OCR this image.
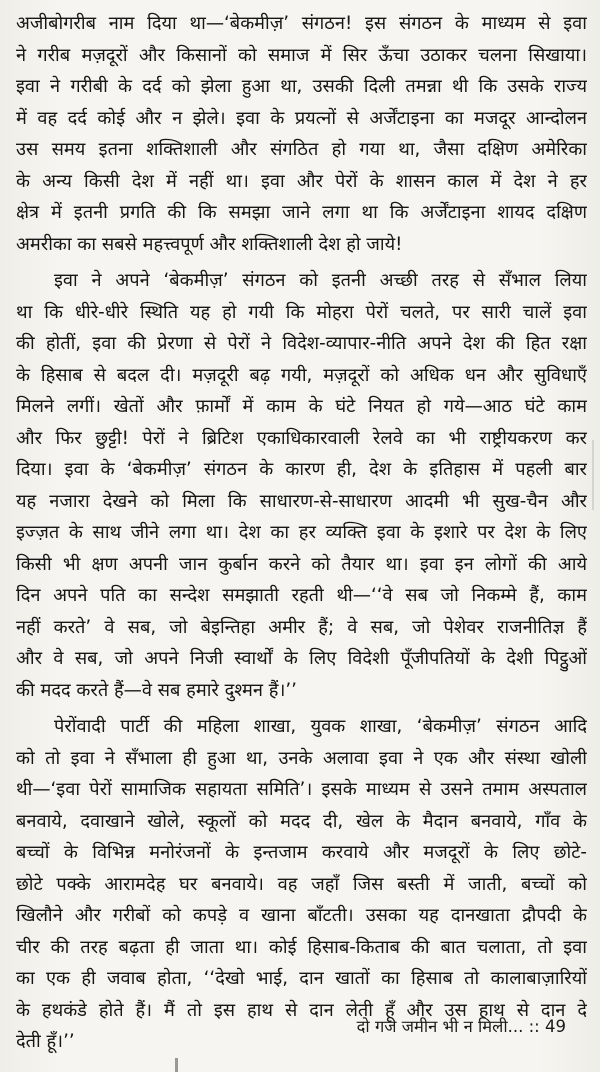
अजीबोगरीब नाम दिया था—‘बेकमीज़’ संगठन! इस संगठन के माध्यम से इवा
ने गरीब मज़दूरों और किसानों को समाज में सिर ऊँचा उठाकर चलना सिखाया।
इवा ने गरीबी के दर्द को झेला हुआ था, उसकी दिली तमन्ना थी कि उसके राज्य
में वह दर्द कोई और न झेले। इवा के प्रयत्नों से अर्जेंटाइना का मजदूर आन्दोलन
उस समय इतना शक्तिशाली और संगठित हो गया था, जैसा दक्षिण अमेरिका
के अन्य किसी देश में नहीं था। इवा और पेरों के शासन काल में देश ने हर
क्षेत्र में इतनी प्रगति की कि समझा जाने लगा था कि अर्जेंटाइना शायद दक्षिण
अमरीका का सबसे महत्त्वपूर्ण और शक्तिशाली देश हो जाये!

इवा ने अपने ‘बेकमीज़’ संगठन को इतनी अच्छी तरह से सँभाल लिया
था कि धीरे-धीरे स्थिति यह हो गयी कि मोहरा पेरों चलते, पर सारी चालें इवा
की होतीं, इवा की प्रेरणा से पेरों ने विदेश-व्यापार-नीति अपने देश की हित रक्षा
के हिसाब से बदल दी। मज़दूरी बढ़ गयी, मज़दूरों को अधिक धन और सुविधाएँ
मिलने लगीं। खेतों और फ़ार्मों में काम के घंटे नियत हो गये—आठ घंटे काम
और फिर छुट्टी! पेरों ने ब्रिटिश एकाधिकारवाली रेलवे का भी राष्ट्रीयकरण कर
दिया। इवा के ‘बेकमीज़’ संगठन के कारण ही, देश के इतिहास में पहली बार
यह नजारा देखने को मिला कि साधारण-से-साधारण आदमी भी सुख-चैन और
इज्ज़त के साथ जीने लगा था। देश का हर व्यक्ति इवा के इशारे पर देश के लिए
किसी भी क्षण अपनी जान कुर्बान करने को तैयार था। इवा इन लोगों की आये
दिन अपने पति का सन्देश समझाती रहती थी—‘‘वे सब जो निकम्मे हैं, काम
नहीं करते’ वे सब, जो बेइन्तिहा अमीर हैं; वे सब, जो पेशेवर राजनीतिज्ञ हैं
और वे सब, जो अपने निजी स्वार्थों के लिए विदेशी पूँजीपतियों के देशी पिट्ठुओं
की मदद करते हैं—वे सब हमारे दुश्मन हैं।’’

पेरोंवादी पार्टी की महिला शाखा, युवक शाखा, ‘बेकमीज़’ संगठन आदि
को तो इवा ने सँभाला ही हुआ था, उनके अलावा इवा ने एक और संस्था खोली
थी—‘इवा पेरों सामाजिक सहायता समिति’। इसके माध्यम से उसने तमाम अस्पताल
बनवाये, दवाखाने खोले, स्कूलों को मदद दी, खेल के मैदान बनवाये, गाँव के
बच्चों के विभिन्न मनोरंजनों के इन्तजाम करवाये और मजदूरों के लिए छोटे-
छोटे पक्के आरामदेह घर बनवाये। वह जहाँ जिस बस्ती में जाती, बच्चों को
खिलौने और गरीबों को कपड़े व खाना बाँटती। उसका यह दानखाता द्रौपदी के
चीर की तरह बढ़ता ही जाता था। कोई हिसाब-किताब की बात चलाता, तो इवा
का एक ही जवाब होता, ‘‘देखो भाई, दान खातों का हिसाब तो कालाबाज़ारियों
के हथकंडे होते हैं। मैं तो इस हाथ से दान लेती हूँ और उस हाथ से दान दे
देती हूँ।’’

दो गज जमीन भी न मिली... :: 49
